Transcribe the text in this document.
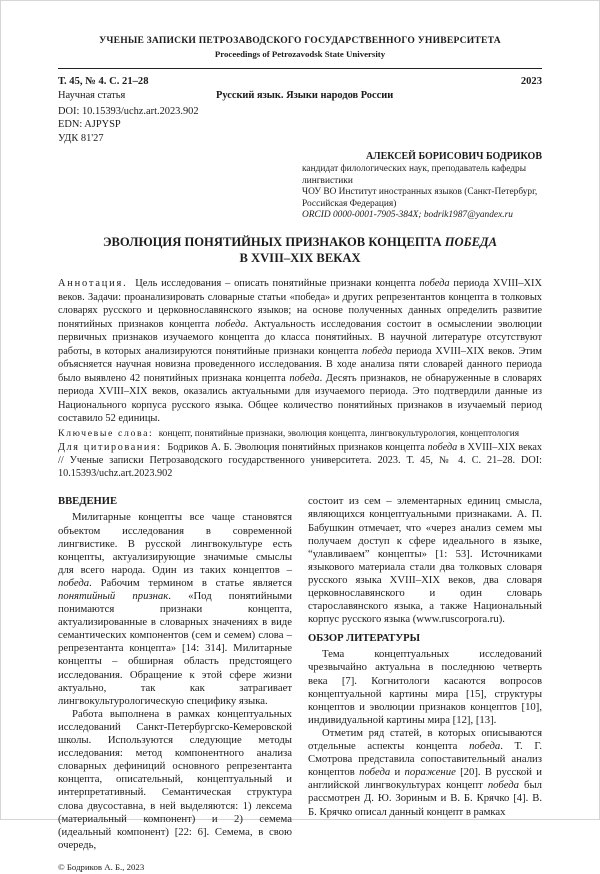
УЧЕНЫЕ ЗАПИСКИ ПЕТРОЗАВОДСКОГО ГОСУДАРСТВЕННОГО УНИВЕРСИТЕТА
Proceedings of Petrozavodsk State University
Т. 45, № 4. С. 21–28	2023
Научная статья	Русский язык. Языки народов России
DOI: 10.15393/uchz.art.2023.902
EDN: AJPYSP
УДК 81'27
АЛЕКСЕЙ БОРИСОВИЧ БОДРИКОВ
кандидат филологических наук, преподаватель кафедры лингвистики
ЧОУ ВО Институт иностранных языков (Санкт-Петербург, Российская Федерация)
ORCID 0000-0001-7905-384X; bodrik1987@yandex.ru
ЭВОЛЮЦИЯ ПОНЯТИЙНЫХ ПРИЗНАКОВ КОНЦЕПТА ПОБЕДА
В XVIII–XIX ВЕКАХ
Аннотация. Цель исследования – описать понятийные признаки концепта победа периода XVIII–XIX веков. Задачи: проанализировать словарные статьи «победа» и других репрезентантов концепта в толковых словарях русского и церковнославянского языков; на основе полученных данных определить развитие понятийных признаков концепта победа. Актуальность исследования состоит в осмыслении эволюции первичных признаков изучаемого концепта до класса понятийных. В научной литературе отсутствуют работы, в которых анализируются понятийные признаки концепта победа периода XVIII–XIX веков. Этим объясняется научная новизна проведенного исследования. В ходе анализа пяти словарей данного периода было выявлено 42 понятийных признака концепта победа. Десять признаков, не обнаруженные в словарях периода XVIII–XIX веков, оказались актуальными для изучаемого периода. Это подтвердили данные из Национального корпуса русского языка. Общее количество понятийных признаков в изучаемый период составило 52 единицы.
Ключевые слова: концепт, понятийные признаки, эволюция концепта, лингвокультурология, концептология
Для цитирования: Бодриков А. Б. Эволюция понятийных признаков концепта победа в XVIII–XIX веках // Ученые записки Петрозаводского государственного университета. 2023. Т. 45, № 4. С. 21–28. DOI: 10.15393/uchz.art.2023.902
ВВЕДЕНИЕ

Милитарные концепты все чаще становятся объектом исследования в современной лингвистике. В русской лингвокультуре есть концепты, актуализирующие значимые смыслы для всего народа. Один из таких концептов – победа. Рабочим термином в статье является понятийный признак. «Под понятийными понимаются признаки концепта, актуализированные в словарных значениях в виде семантических компонентов (сем и семем) слова – репрезентанта концепта» [14: 314]. Милитарные концепты – обширная область предстоящего исследования. Обращение к этой сфере жизни актуально, так как затрагивает лингвокультурологическую специфику языка.

Работа выполнена в рамках концептуальных исследований Санкт-Петербургско-Кемеровской школы. Используются следующие методы исследования: метод компонентного анализа словарных дефиниций основного репрезентанта концепта, описательный, концептуальный и интерпретативный. Семантическая структура слова двусоставна, в ней выделяются: 1) лексема (материальный компонент) и 2) семема (идеальный компонент) [22: 6]. Семема, в свою очередь,

© Бодриков А. Б., 2023

состоит из сем – элементарных единиц смысла, являющихся концептуальными признаками. А. П. Бабушкин отмечает, что «через анализ семем мы получаем доступ к сфере идеального в языке, “улавливаем” концепты» [1: 53]. Источниками языкового материала стали два толковых словаря русского языка XVIII–XIX веков, два словаря церковнославянского и один словарь старославянского языка, а также Национальный корпус русского языка (www.ruscorpora.ru).

ОБЗОР ЛИТЕРАТУРЫ

Тема концептуальных исследований чрезвычайно актуальна в последнюю четверть века [7]. Когнитологи касаются вопросов концептуальной картины мира [15], структуры концептов и эволюции признаков концептов [10], индивидуальной картины мира [12], [13].

Отметим ряд статей, в которых описываются отдельные аспекты концепта победа. Т. Г. Смотрова представила сопоставительный анализ концептов победа и поражение [20]. В русской и английской лингвокультурах концепт победа был рассмотрен Д. Ю. Зориным и В. Б. Крячко [4]. В. Б. Крячко описал данный концепт в рамках
